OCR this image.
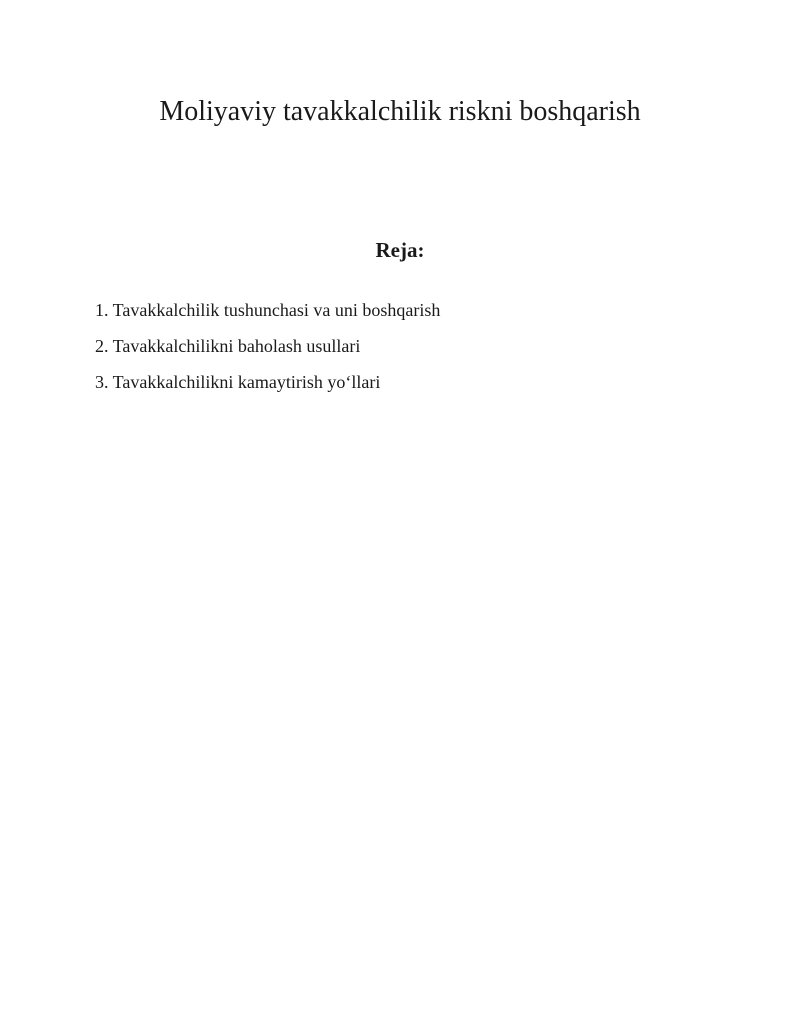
Moliyaviy tavakkalchilik riskni boshqarish
Reja:
1. Tavakkalchilik tushunchasi va uni boshqarish
2. Tavakkalchilikni baholash usullari
3. Tavakkalchilikni kamaytirish yo‘llari
